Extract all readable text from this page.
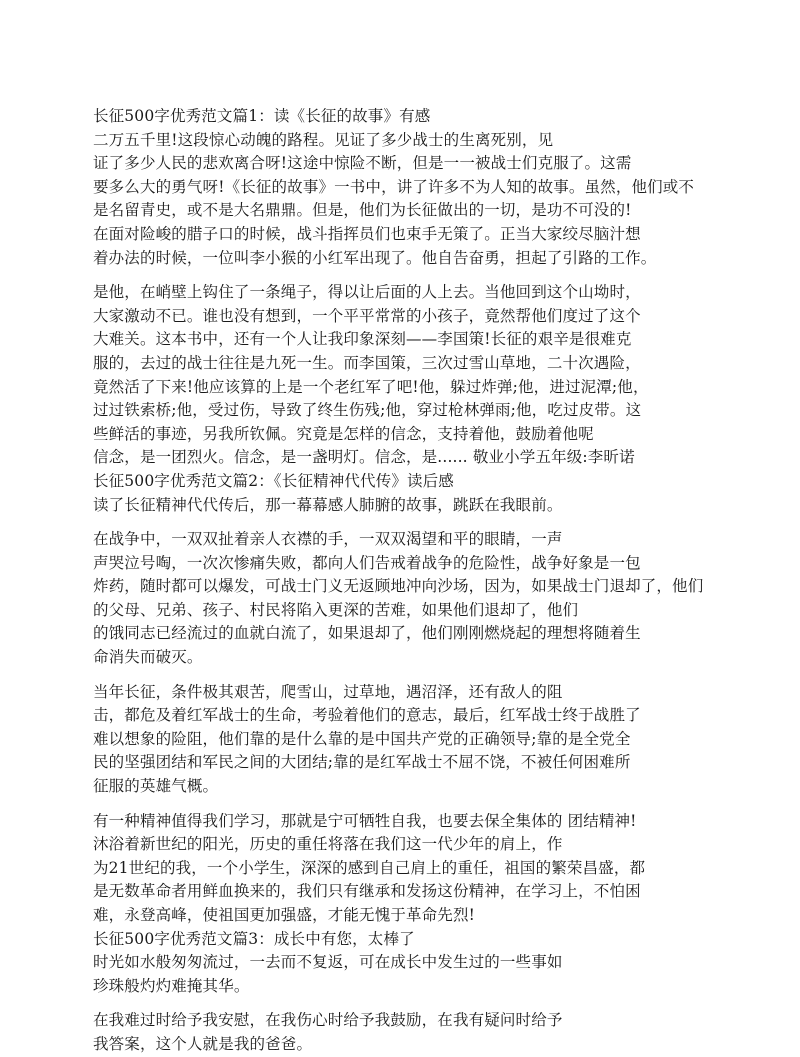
长征500字优秀范文篇1：读《长征的故事》有感
二万五千里!这段惊心动魄的路程。见证了多少战士的生离死别，见
证了多少人民的悲欢离合呀!这途中惊险不断，但是一一被战士们克服了。这需
要多么大的勇气呀!《长征的故事》一书中，讲了许多不为人知的故事。虽然，他们或不
是名留青史，或不是大名鼎鼎。但是，他们为长征做出的一切，是功不可没的!
在面对险峻的腊子口的时候，战斗指挥员们也束手无策了。正当大家绞尽脑汁想
着办法的时候，一位叫李小猴的小红军出现了。他自告奋勇，担起了引路的工作。
是他，在峭壁上钩住了一条绳子，得以让后面的人上去。当他回到这个山坳时，
大家激动不已。谁也没有想到，一个平平常常的小孩子，竟然帮他们度过了这个
大难关。这本书中，还有一个人让我印象深刻——李国策!长征的艰辛是很难克
服的，去过的战士往往是九死一生。而李国策，三次过雪山草地，二十次遇险，
竟然活了下来!他应该算的上是一个老红军了吧!他，躲过炸弹;他，进过泥潭;他，
过过铁索桥;他，受过伤，导致了终生伤残;他，穿过枪林弹雨;他，吃过皮带。这
些鲜活的事迹，另我所钦佩。究竟是怎样的信念，支持着他，鼓励着他呢
信念，是一团烈火。信念，是一盏明灯。信念，是...... 敬业小学五年级:李昕诺
长征500字优秀范文篇2：《长征精神代代传》读后感
读了长征精神代代传后，那一幕幕感人肺腑的故事，跳跃在我眼前。
在战争中，一双双扯着亲人衣襟的手，一双双渴望和平的眼睛，一声
声哭泣号啕，一次次惨痛失败，都向人们告戒着战争的危险性，战争好象是一包
炸药，随时都可以爆发，可战士门义无返顾地冲向沙场，因为，如果战士门退却了，他们
的父母、兄弟、孩子、村民将陷入更深的苦难，如果他们退却了，他们
的饿同志已经流过的血就白流了，如果退却了，他们刚刚燃烧起的理想将随着生
命消失而破灭。
当年长征，条件极其艰苦，爬雪山，过草地，遇沼泽，还有敌人的阻
击，都危及着红军战士的生命，考验着他们的意志，最后，红军战士终于战胜了
难以想象的险阻，他们靠的是什么靠的是中国共产党的正确领导;靠的是全党全
民的坚强团结和军民之间的大团结;靠的是红军战士不屈不饶，不被任何困难所
征服的英雄气概。
有一种精神值得我们学习，那就是宁可牺牲自我，也要去保全集体的 团结精神!
沐浴着新世纪的阳光，历史的重任将落在我们这一代少年的肩上，作
为21世纪的我，一个小学生，深深的感到自己肩上的重任，祖国的繁荣昌盛，都
是无数革命者用鲜血换来的，我们只有继承和发扬这份精神，在学习上，不怕困
难，永登高峰，使祖国更加强盛，才能无愧于革命先烈!
长征500字优秀范文篇3：成长中有您，太棒了
时光如水般匆匆流过，一去而不复返，可在成长中发生过的一些事如
珍珠般灼灼难掩其华。
在我难过时给予我安慰，在我伤心时给予我鼓励，在我有疑问时给予
我答案，这个人就是我的爸爸。
